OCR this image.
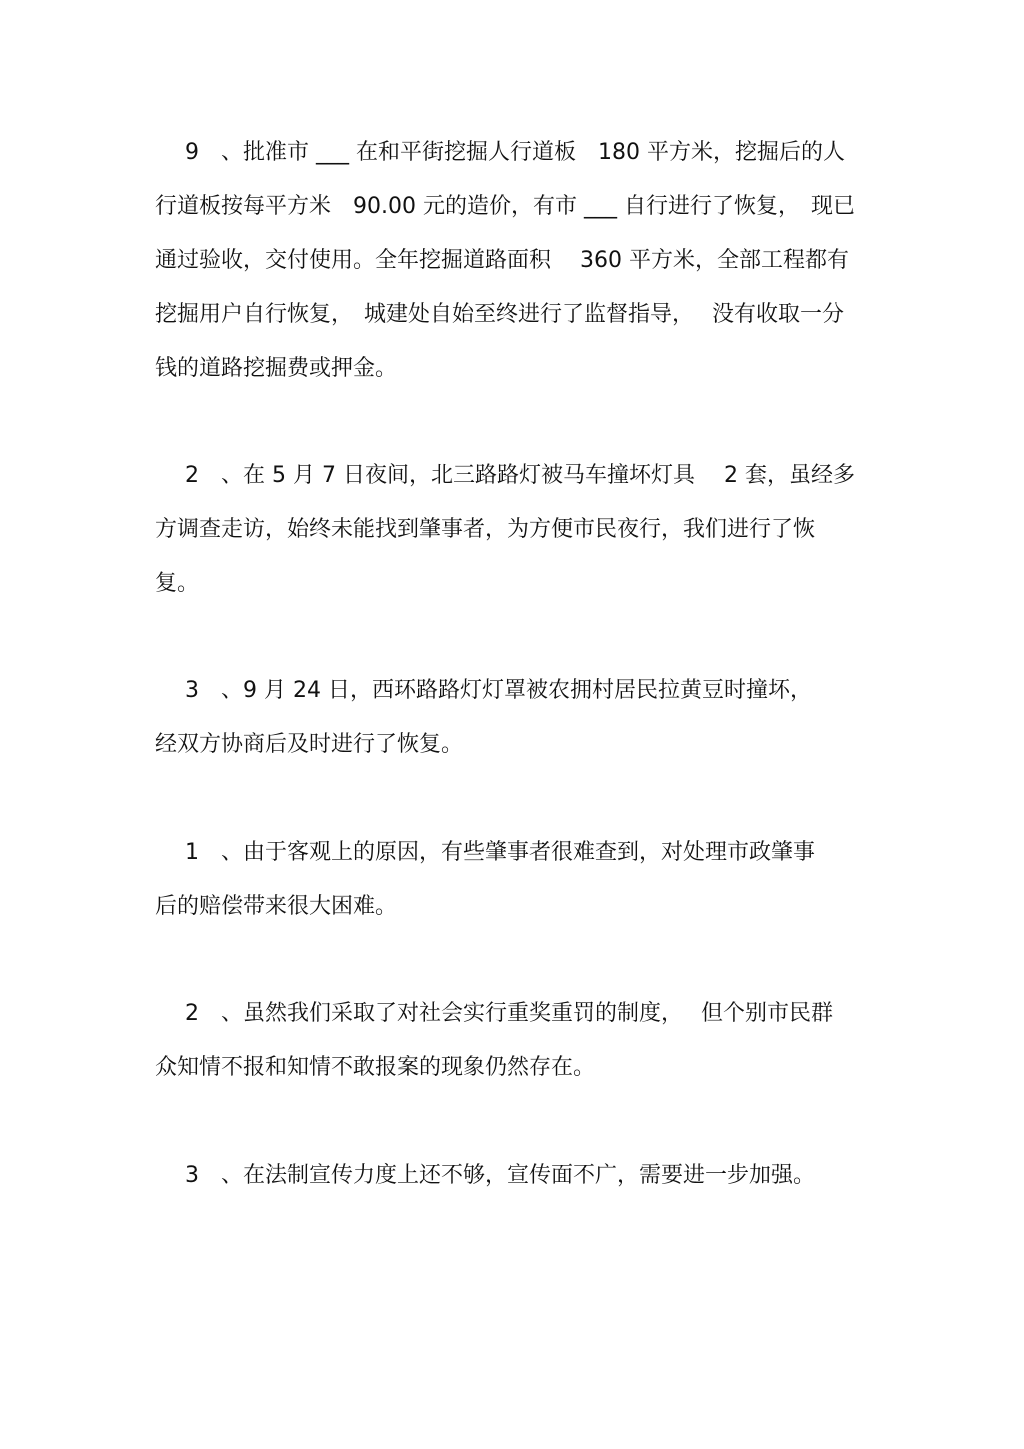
9　、批准市 ___ 在和平街挖掘人行道板　180 平方米，挖掘后的人
行道板按每平方米　90.00 元的造价，有市 ___ 自行进行了恢复，　现已
通过验收，交付使用。全年挖掘道路面积　 360 平方米，全部工程都有
挖掘用户自行恢复，　城建处自始至终进行了监督指导，　 没有收取一分
钱的道路挖掘费或押金。
2　、在 5 月 7 日夜间，北三路路灯被马车撞坏灯具　 2 套，虽经多
方调查走访，始终未能找到肇事者，为方便市民夜行，我们进行了恢
复。
3　、9 月 24 日，西环路路灯灯罩被农拥村居民拉黄豆时撞坏，
经双方协商后及时进行了恢复。
1　、由于客观上的原因，有些肇事者很难查到，对处理市政肇事
后的赔偿带来很大困难。
2　、虽然我们采取了对社会实行重奖重罚的制度，　 但个别市民群
众知情不报和知情不敢报案的现象仍然存在。
3　、在法制宣传力度上还不够，宣传面不广，需要进一步加强。
